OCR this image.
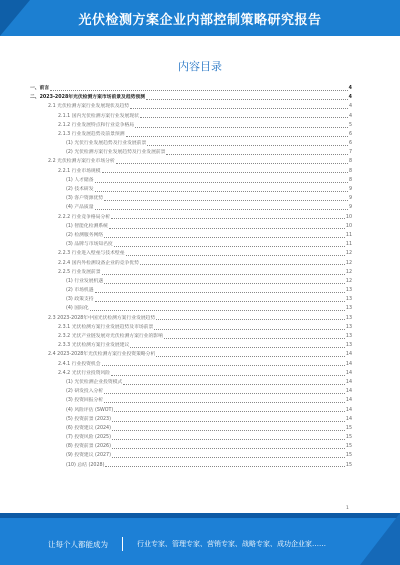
光伏检测方案企业内部控制策略研究报告
内容目录
一、前言	4
二、2023-2028年光伏检测方案市场前景及趋势预测	4
2.1 光伏检测方案行业发展现状及趋势	4
2.1.1 国内光伏检测方案行业发展现状	4
2.1.2 行业发展特点和行业竞争格局	5
2.1.3 行业发展趋势及前景预测	6
(1) 光伏行业发展趋势及行业发展前景	6
(2) 光伏检测方案行业发展趋势及行业发展前景	7
2.2 光伏检测方案行业市场分析	8
2.2.1 行业市场规模	8
(1) 人才储备	8
(2) 技术研发	9
(3) 客户资源优势	9
(4) 产品质量	9
2.2.2 行业竞争格局分析	10
(1) 智能化检测系统	10
(2) 检测服务网络	11
(3) 品牌与市场知名度	11
2.2.3 行业进入壁垒与技术壁垒	12
2.2.4 国内外检测设备企业的竞争优势	12
2.2.5 行业发展前景	12
(1) 行业发展机遇	12
(2) 市场机遇	13
(3) 政策支持	13
(4) 国际化	13
2.3 2023-2028年中国光伏检测方案行业发展趋势	13
2.3.1 光伏检测方案行业发展趋势及市场前景	13
2.3.2 光伏产业链发展对光伏检测方案行业的影响	13
2.3.3 光伏检测方案行业发展建议	13
2.4 2023-2028年光伏检测方案行业投资策略分析	14
2.4.1 行业投资机会	14
2.4.2 光伏行业投资风险	14
(1) 光伏检测企业投资模式	14
(2) 研发投入分析	14
(3) 投资回报分析	14
(4) 风险评估 (SWOT)	14
(5) 投资前景 (2023)	14
(6) 投资建议 (2024)	15
(7) 投资风险 (2025)	15
(8) 投资前景 (2026)	15
(9) 投资建议 (2027)	15
(10) 总结 (2028)	15
1
让每个人都能成为	行业专家、管理专家、营销专家、战略专家、成功企业家……
